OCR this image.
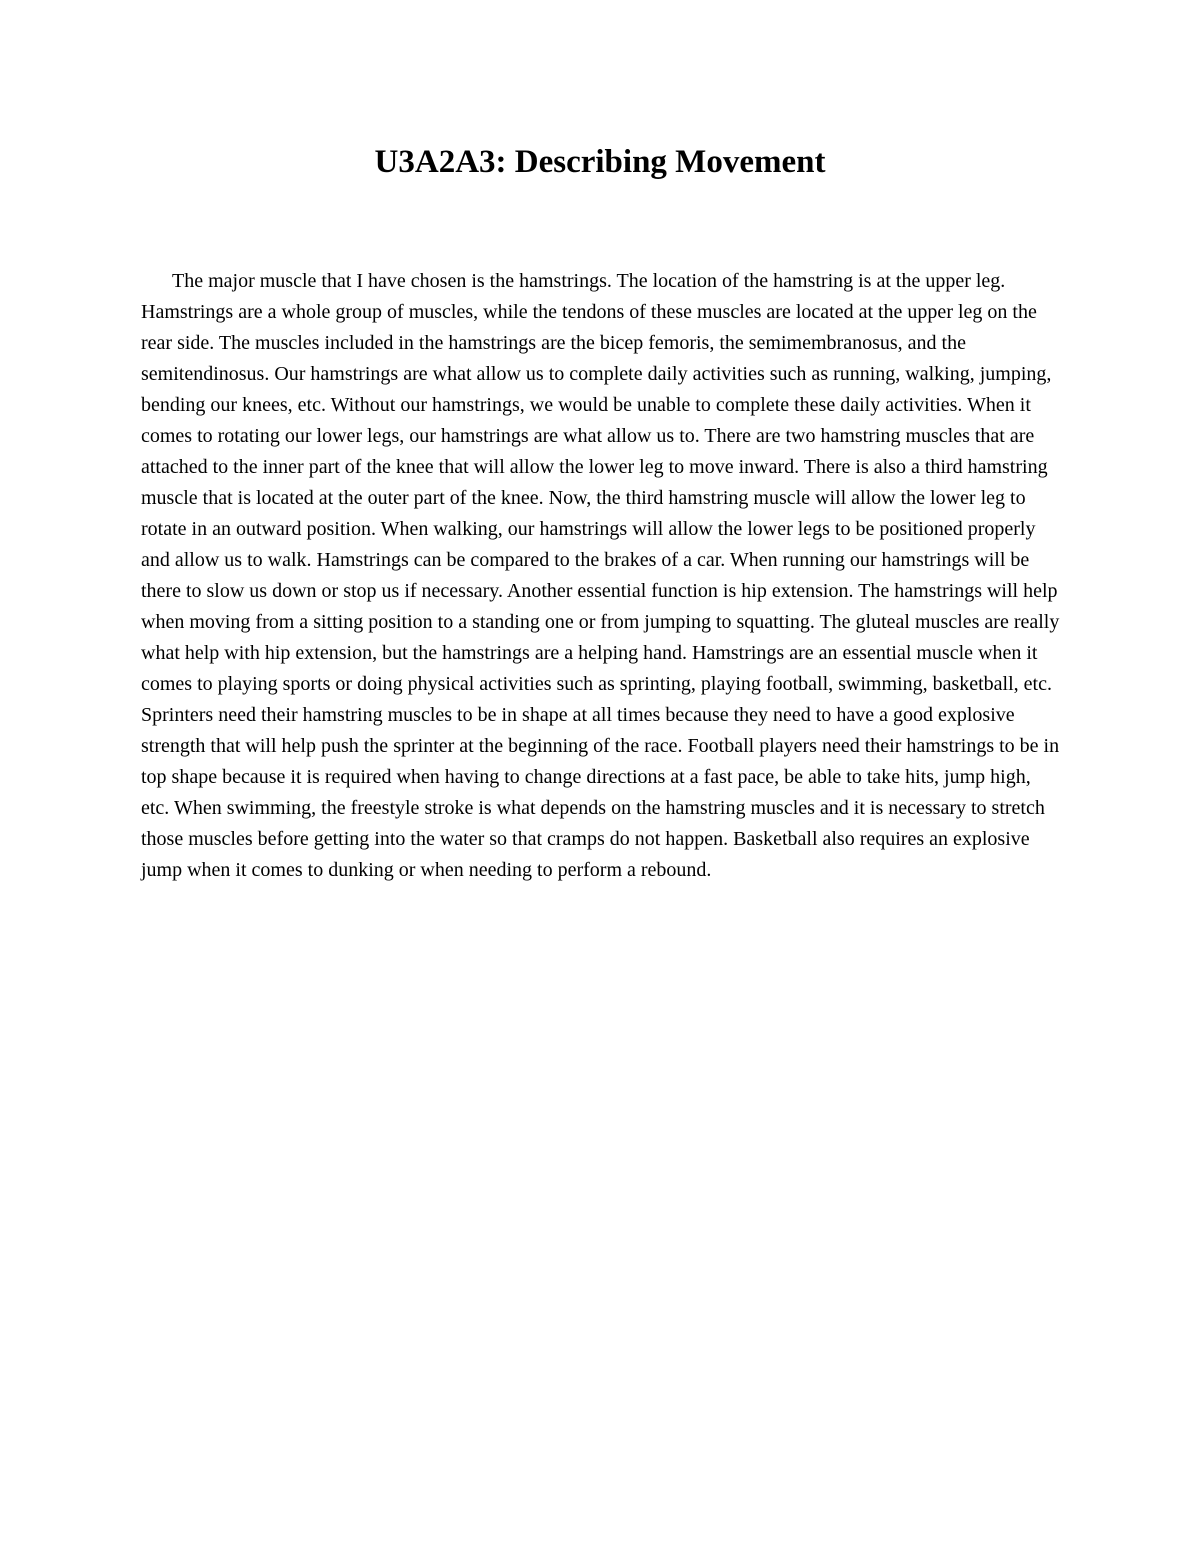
U3A2A3: Describing Movement

The major muscle that I have chosen is the hamstrings. The location of the hamstring is at the upper leg. Hamstrings are a whole group of muscles, while the tendons of these muscles are located at the upper leg on the rear side. The muscles included in the hamstrings are the bicep femoris, the semimembranosus, and the semitendinosus. Our hamstrings are what allow us to complete daily activities such as running, walking, jumping, bending our knees, etc. Without our hamstrings, we would be unable to complete these daily activities. When it comes to rotating our lower legs, our hamstrings are what allow us to. There are two hamstring muscles that are attached to the inner part of the knee that will allow the lower leg to move inward. There is also a third hamstring muscle that is located at the outer part of the knee. Now, the third hamstring muscle will allow the lower leg to rotate in an outward position. When walking, our hamstrings will allow the lower legs to be positioned properly and allow us to walk. Hamstrings can be compared to the brakes of a car. When running our hamstrings will be there to slow us down or stop us if necessary. Another essential function is hip extension. The hamstrings will help when moving from a sitting position to a standing one or from jumping to squatting. The gluteal muscles are really what help with hip extension, but the hamstrings are a helping hand. Hamstrings are an essential muscle when it comes to playing sports or doing physical activities such as sprinting, playing football, swimming, basketball, etc. Sprinters need their hamstring muscles to be in shape at all times because they need to have a good explosive strength that will help push the sprinter at the beginning of the race. Football players need their hamstrings to be in top shape because it is required when having to change directions at a fast pace, be able to take hits, jump high, etc. When swimming, the freestyle stroke is what depends on the hamstring muscles and it is necessary to stretch those muscles before getting into the water so that cramps do not happen. Basketball also requires an explosive jump when it comes to dunking or when needing to perform a rebound.
